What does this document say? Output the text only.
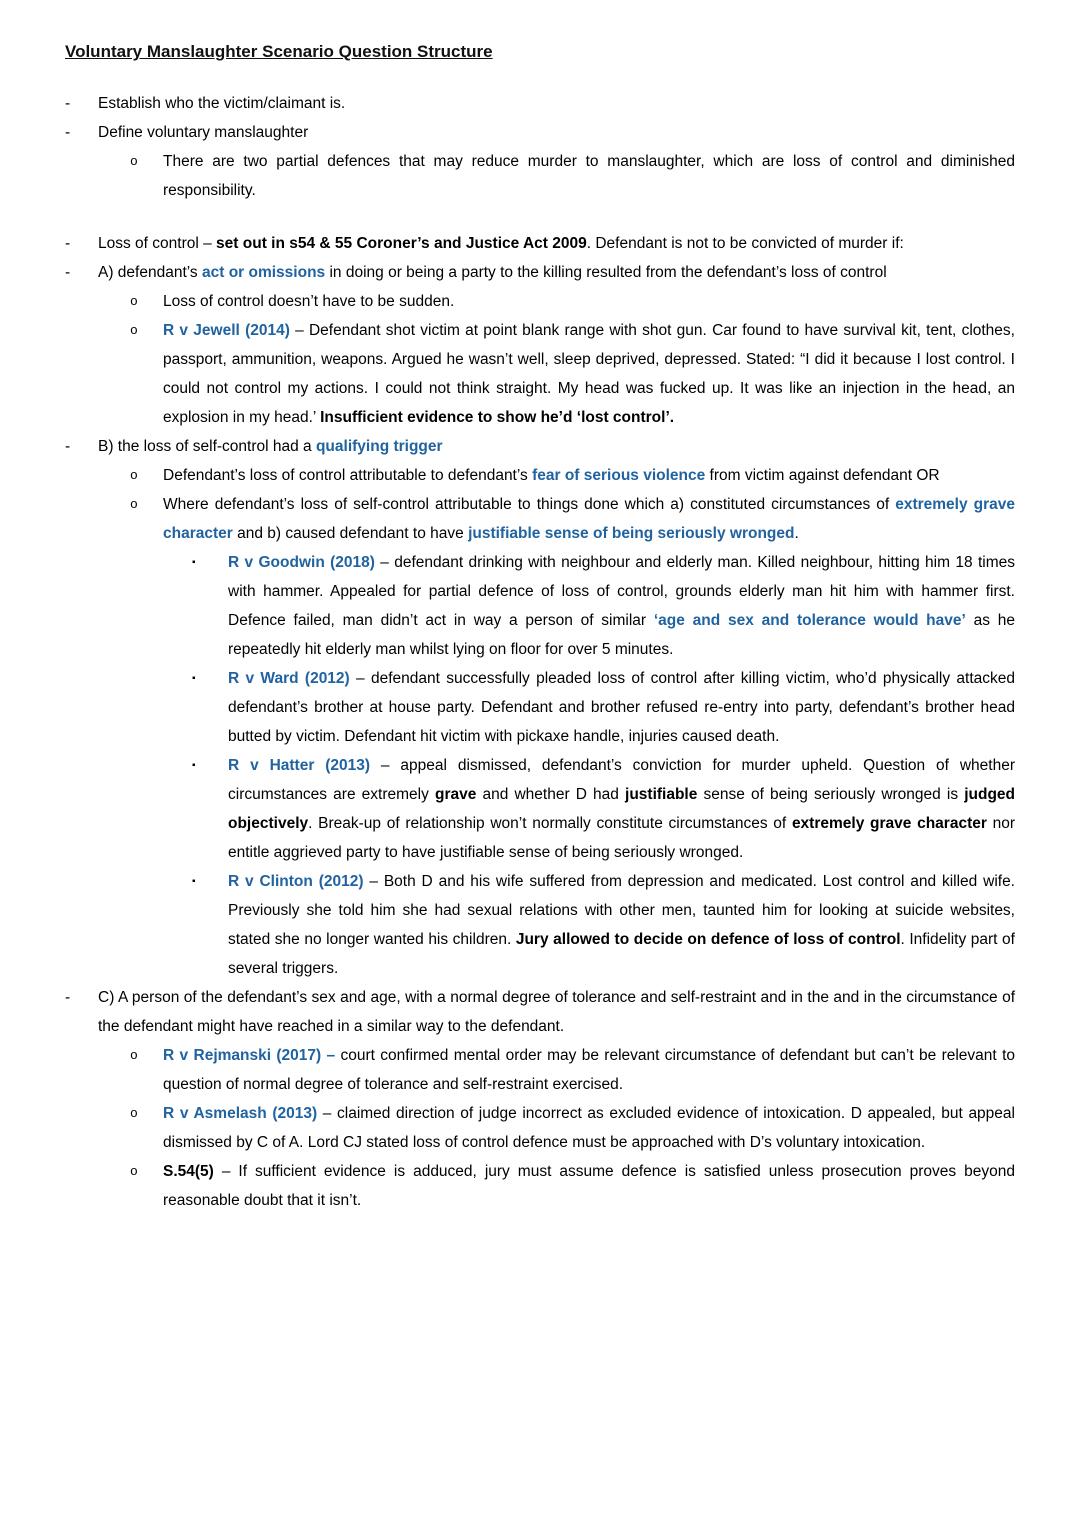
Voluntary Manslaughter Scenario Question Structure
-	Establish who the victim/claimant is.
-	Define voluntary manslaughter
o	There are two partial defences that may reduce murder to manslaughter, which are loss of control and diminished responsibility.
-	Loss of control – set out in s54 & 55 Coroner’s and Justice Act 2009. Defendant is not to be convicted of murder if:
-	A) defendant’s act or omissions in doing or being a party to the killing resulted from the defendant’s loss of control
o	Loss of control doesn’t have to be sudden.
o	R v Jewell (2014) – Defendant shot victim at point blank range with shot gun. Car found to have survival kit, tent, clothes, passport, ammunition, weapons. Argued he wasn’t well, sleep deprived, depressed. Stated: “I did it because I lost control. I could not control my actions. I could not think straight. My head was fucked up. It was like an injection in the head, an explosion in my head.’ Insufficient evidence to show he’d ‘lost control’.
-	B) the loss of self-control had a qualifying trigger
o	Defendant’s loss of control attributable to defendant’s fear of serious violence from victim against defendant OR
o	Where defendant’s loss of self-control attributable to things done which a) constituted circumstances of extremely grave character and b) caused defendant to have justifiable sense of being seriously wronged.
▪	R v Goodwin (2018) – defendant drinking with neighbour and elderly man. Killed neighbour, hitting him 18 times with hammer. Appealed for partial defence of loss of control, grounds elderly man hit him with hammer first. Defence failed, man didn’t act in way a person of similar ‘age and sex and tolerance would have’ as he repeatedly hit elderly man whilst lying on floor for over 5 minutes.
▪	R v Ward (2012) – defendant successfully pleaded loss of control after killing victim, who’d physically attacked defendant’s brother at house party. Defendant and brother refused re-entry into party, defendant’s brother head butted by victim. Defendant hit victim with pickaxe handle, injuries caused death.
▪	R v Hatter (2013) – appeal dismissed, defendant’s conviction for murder upheld. Question of whether circumstances are extremely grave and whether D had justifiable sense of being seriously wronged is judged objectively. Break-up of relationship won’t normally constitute circumstances of extremely grave character nor entitle aggrieved party to have justifiable sense of being seriously wronged.
▪	R v Clinton (2012) – Both D and his wife suffered from depression and medicated. Lost control and killed wife. Previously she told him she had sexual relations with other men, taunted him for looking at suicide websites, stated she no longer wanted his children. Jury allowed to decide on defence of loss of control. Infidelity part of several triggers.
-	C) A person of the defendant’s sex and age, with a normal degree of tolerance and self-restraint and in the and in the circumstance of the defendant might have reached in a similar way to the defendant.
o	R v Rejmanski (2017) – court confirmed mental order may be relevant circumstance of defendant but can’t be relevant to question of normal degree of tolerance and self-restraint exercised.
o	R v Asmelash (2013) – claimed direction of judge incorrect as excluded evidence of intoxication. D appealed, but appeal dismissed by C of A. Lord CJ stated loss of control defence must be approached with D’s voluntary intoxication.
o	S.54(5) – If sufficient evidence is adduced, jury must assume defence is satisfied unless prosecution proves beyond reasonable doubt that it isn’t.
